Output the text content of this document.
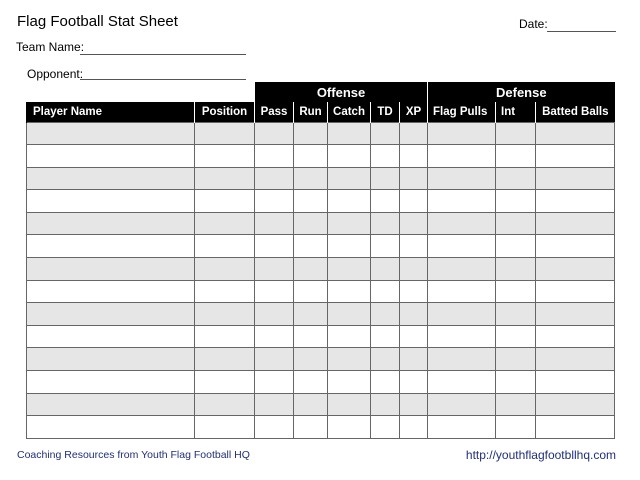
Flag Football Stat Sheet	Date:
Team Name:
Opponent:
		Offense					Defense		
Player Name	Position	Pass	Run	Catch	TD	XP	Flag Pulls	Int	Batted Balls

Coaching Resources from Youth Flag Football HQ	http://youthflagfootbllhq.com
